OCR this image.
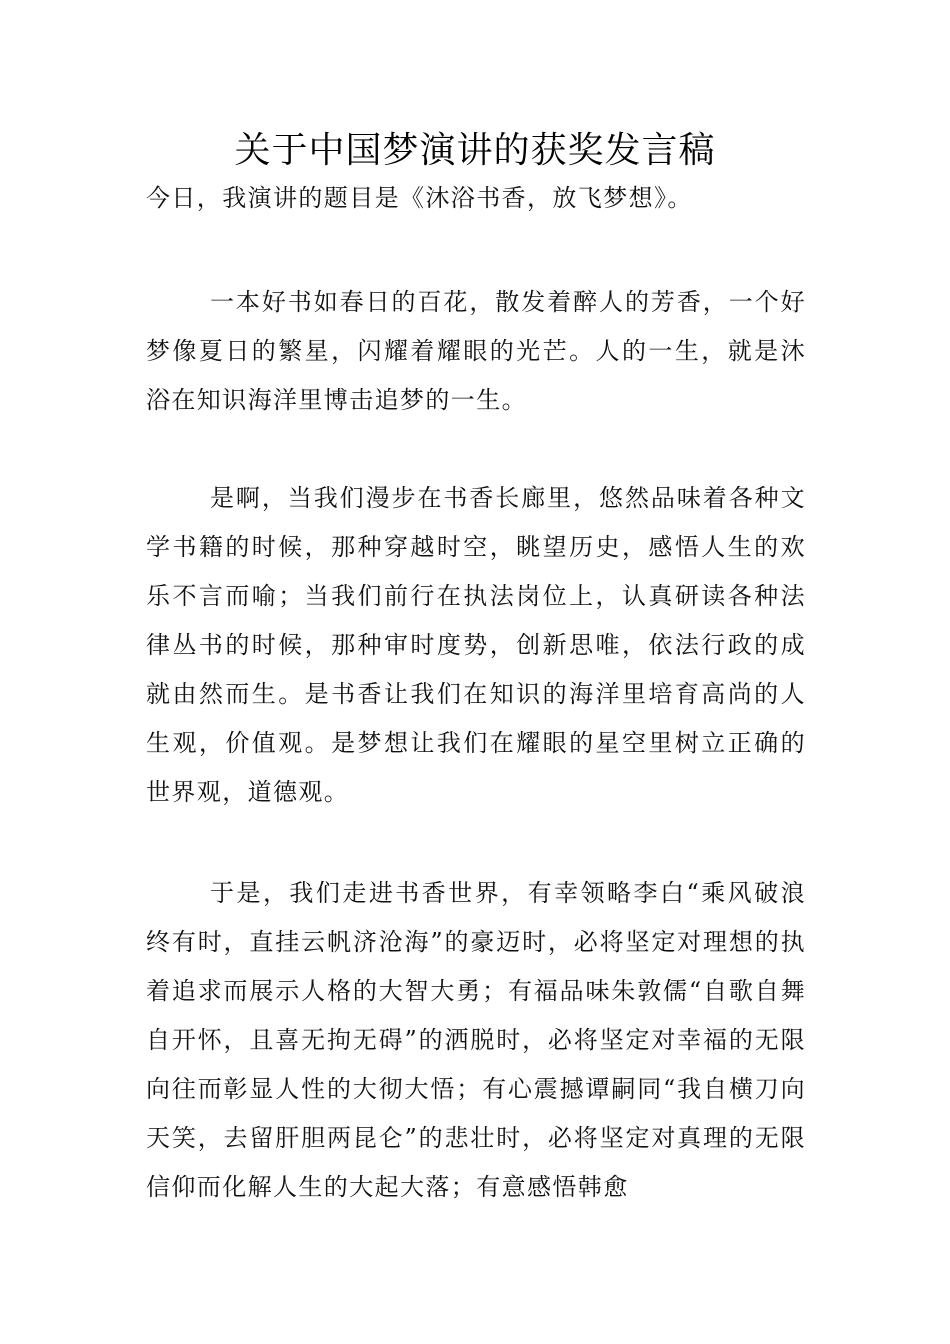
关于中国梦演讲的获奖发言稿

今日，我演讲的题目是《沐浴书香，放飞梦想》。

一本好书如春日的百花，散发着醉人的芳香，一个好梦像夏日的繁星，闪耀着耀眼的光芒。人的一生，就是沐浴在知识海洋里博击追梦的一生。

是啊，当我们漫步在书香长廊里，悠然品味着各种文学书籍的时候，那种穿越时空，眺望历史，感悟人生的欢乐不言而喻；当我们前行在执法岗位上，认真研读各种法律丛书的时候，那种审时度势，创新思唯，依法行政的成就由然而生。是书香让我们在知识的海洋里培育高尚的人生观，价值观。是梦想让我们在耀眼的星空里树立正确的世界观，道德观。

于是，我们走进书香世界，有幸领略李白“乘风破浪终有时，直挂云帆济沧海”的豪迈时，必将坚定对理想的执着追求而展示人格的大智大勇；有福品味朱敦儒“自歌自舞自开怀，且喜无拘无碍”的洒脱时，必将坚定对幸福的无限向往而彰显人性的大彻大悟；有心震撼谭嗣同“我自横刀向天笑，去留肝胆两昆仑”的悲壮时，必将坚定对真理的无限信仰而化解人生的大起大落；有意感悟韩愈
